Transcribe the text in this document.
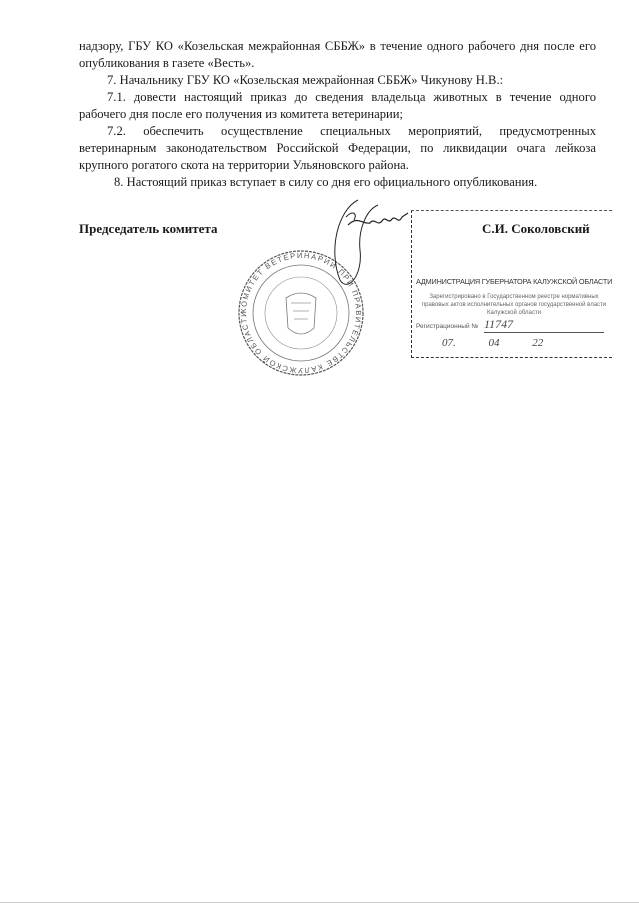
надзору, ГБУ КО «Козельская межрайонная СББЖ» в течение одного рабочего дня после его опубликования в газете «Весть».

7. Начальнику ГБУ КО «Козельская межрайонная СББЖ» Чикунову Н.В.:

7.1. довести настоящий приказ до сведения владельца животных в течение одного рабочего дня после его получения из комитета ветеринарии;

7.2. обеспечить осуществление специальных мероприятий, предусмотренных ветеринарным законодательством Российской Федерации, по ликвидации очага лейкоза крупного рогатого скота на территории Ульяновского района.

8. Настоящий приказ вступает в силу со дня его официального опубликования.

Председатель комитета	С.И. Соколовский
КОМИТЕТ ВЕТЕРИНАРИИ ПРИ ПРАВИТЕЛЬСТВЕ КАЛУЖСКОЙ ОБЛАСТИ
АДМИНИСТРАЦИЯ ГУБЕРНАТОРА КАЛУЖСКОЙ ОБЛАСТИ
Зарегистрировано в Государственном реестре нормативных правовых актов исполнительных органов государственной власти Калужской области
Регистрационный № 11747
07. 04 22
